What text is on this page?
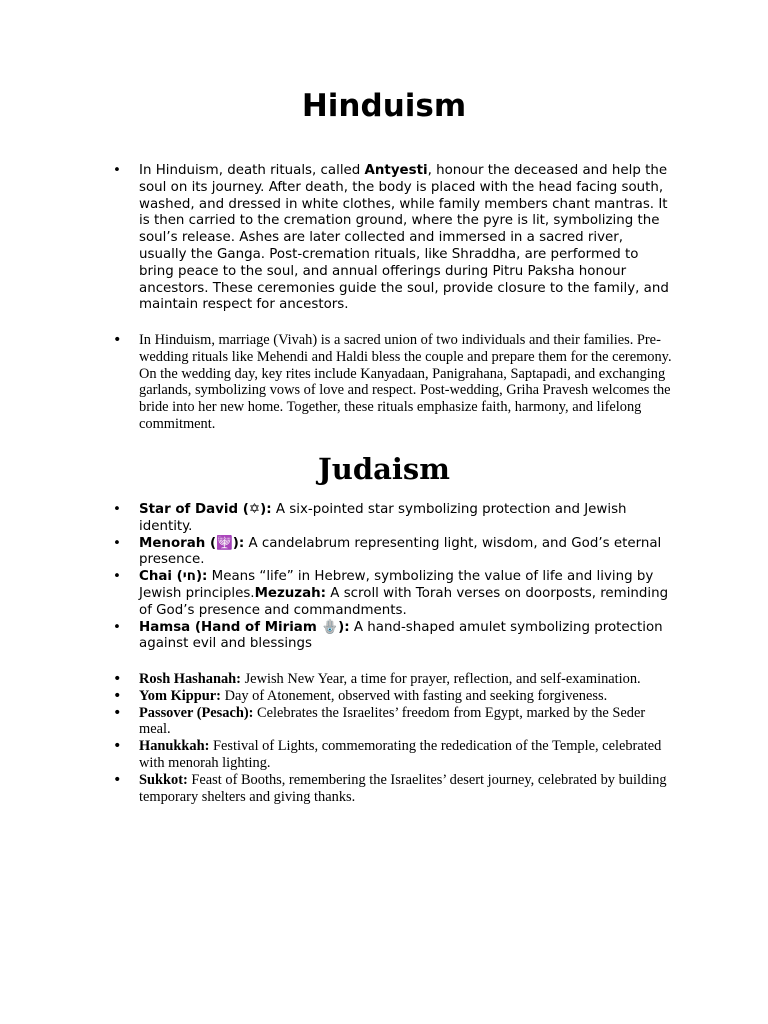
Hinduism
• In Hinduism, death rituals, called Antyesti, honour the deceased and help the soul on its journey. After death, the body is placed with the head facing south, washed, and dressed in white clothes, while family members chant mantras. It is then carried to the cremation ground, where the pyre is lit, symbolizing the soul’s release. Ashes are later collected and immersed in a sacred river, usually the Ganga. Post-cremation rituals, like Shraddha, are performed to bring peace to the soul, and annual offerings during Pitru Paksha honour ancestors. These ceremonies guide the soul, provide closure to the family, and maintain respect for ancestors.
• In Hinduism, marriage (Vivah) is a sacred union of two individuals and their families. Pre-wedding rituals like Mehendi and Haldi bless the couple and prepare them for the ceremony. On the wedding day, key rites include Kanyadaan, Panigrahana, Saptapadi, and exchanging garlands, symbolizing vows of love and respect. Post-wedding, Griha Pravesh welcomes the bride into her new home. Together, these rituals emphasize faith, harmony, and lifelong commitment.
Judaism
• Star of David (✡): A six-pointed star symbolizing protection and Jewish identity.
• Menorah (🕎): A candelabrum representing light, wisdom, and God’s eternal presence.
• Chai (חי): Means “life” in Hebrew, symbolizing the value of life and living by Jewish principles.Mezuzah: A scroll with Torah verses on doorposts, reminding of God’s presence and commandments.
• Hamsa (Hand of Miriam 🪬): A hand-shaped amulet symbolizing protection against evil and blessings
• Rosh Hashanah: Jewish New Year, a time for prayer, reflection, and self-examination.
• Yom Kippur: Day of Atonement, observed with fasting and seeking forgiveness.
• Passover (Pesach): Celebrates the Israelites’ freedom from Egypt, marked by the Seder meal.
• Hanukkah: Festival of Lights, commemorating the rededication of the Temple, celebrated with menorah lighting.
• Sukkot: Feast of Booths, remembering the Israelites’ desert journey, celebrated by building temporary shelters and giving thanks.
